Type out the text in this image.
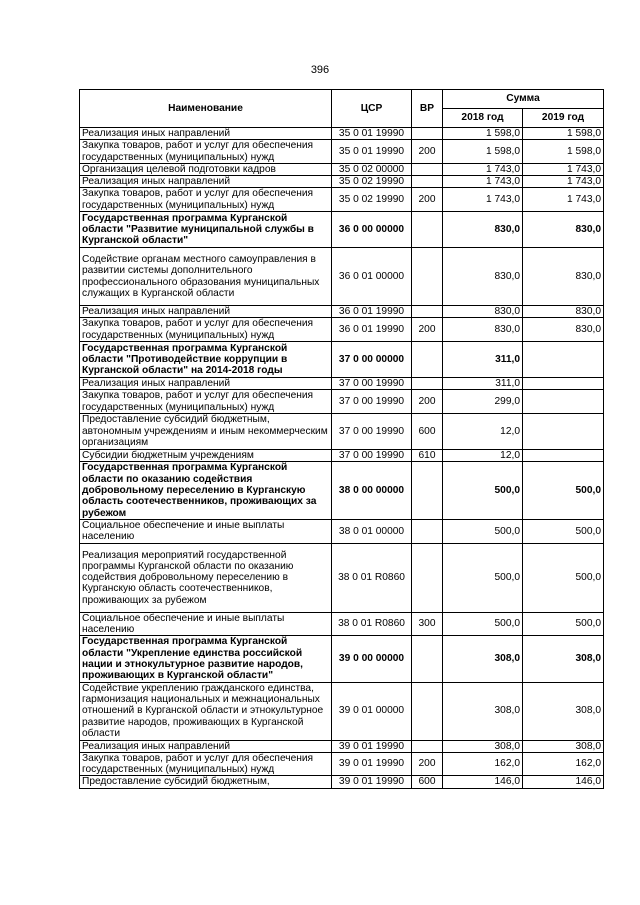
396
Наименование	ЦСР	ВР	Сумма	
			2018 год	2019 год
Реализация иных направлений	35 0 01 19990		1 598,0	1 598,0
Закупка товаров, работ и услуг для обеспечения государственных (муниципальных) нужд	35 0 01 19990	200	1 598,0	1 598,0
Организация целевой подготовки кадров	35 0 02 00000		1 743,0	1 743,0
Реализация иных направлений	35 0 02 19990		1 743,0	1 743,0
Закупка товаров, работ и услуг для обеспечения государственных (муниципальных) нужд	35 0 02 19990	200	1 743,0	1 743,0
Государственная программа Курганской области "Развитие муниципальной службы в Курганской области"	36 0 00 00000		830,0	830,0
Содействие органам местного самоуправления в развитии системы дополнительного профессионального образования муниципальных служащих в Курганской области	36 0 01 00000		830,0	830,0
Реализация иных направлений	36 0 01 19990		830,0	830,0
Закупка товаров, работ и услуг для обеспечения государственных (муниципальных) нужд	36 0 01 19990	200	830,0	830,0
Государственная программа Курганской области "Противодействие коррупции в Курганской области" на 2014-2018 годы	37 0 00 00000		311,0	
Реализация иных направлений	37 0 00 19990		311,0	
Закупка товаров, работ и услуг для обеспечения государственных (муниципальных) нужд	37 0 00 19990	200	299,0	
Предоставление субсидий бюджетным, автономным учреждениям и иным некоммерческим организациям	37 0 00 19990	600	12,0	
Субсидии бюджетным учреждениям	37 0 00 19990	610	12,0	
Государственная программа Курганской области по оказанию содействия добровольному переселению в Курганскую область соотечественников, проживающих за рубежом	38 0 00 00000		500,0	500,0
Социальное обеспечение и иные выплаты населению	38 0 01 00000		500,0	500,0
Реализация мероприятий государственной программы Курганской области по оказанию содействия добровольному переселению в Курганскую область соотечественников, проживающих за рубежом	38 0 01 R0860		500,0	500,0
Социальное обеспечение и иные выплаты населению	38 0 01 R0860	300	500,0	500,0
Государственная программа Курганской области "Укрепление единства российской нации и этнокультурное развитие народов, проживающих в Курганской области"	39 0 00 00000		308,0	308,0
Содействие укреплению гражданского единства, гармонизация национальных и межнациональных отношений в Курганской области и этнокультурное развитие народов, проживающих в Курганской области	39 0 01 00000		308,0	308,0
Реализация иных направлений	39 0 01 19990		308,0	308,0
Закупка товаров, работ и услуг для обеспечения государственных (муниципальных) нужд	39 0 01 19990	200	162,0	162,0
Предоставление субсидий бюджетным,	39 0 01 19990	600	146,0	146,0
